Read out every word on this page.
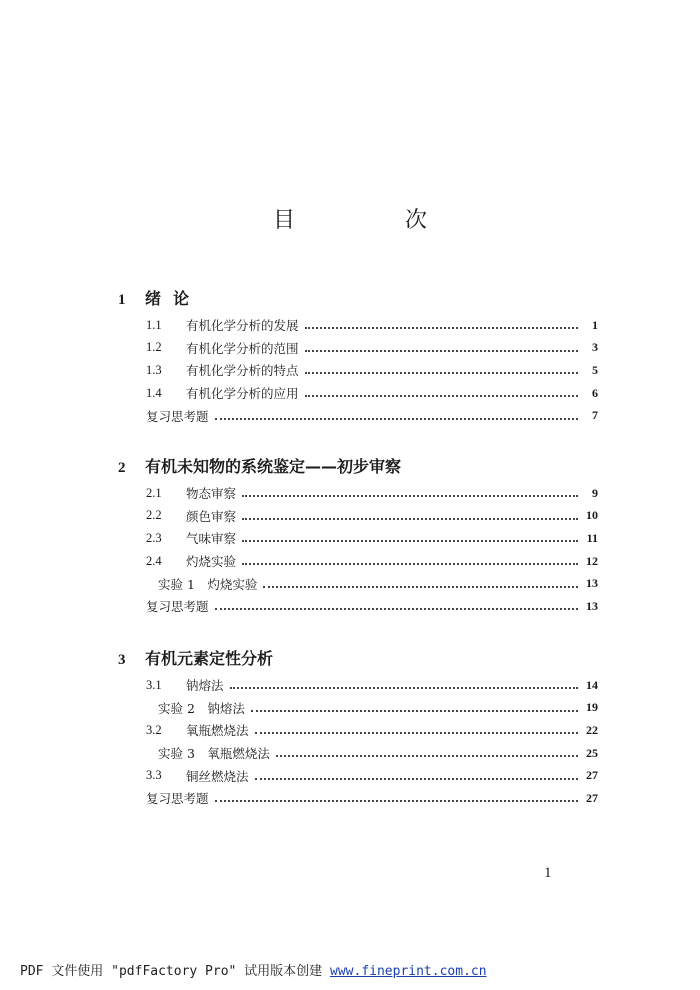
目　次
1	绪论
1.1	有机化学分析的发展	1
1.2	有机化学分析的范围	3
1.3	有机化学分析的特点	5
1.4	有机化学分析的应用	6
复习思考题	7
2	有机未知物的系统鉴定——初步审察
2.1	物态审察	9
2.2	颜色审察	10
2.3	气味审察	11
2.4	灼烧实验	12
实验 1　灼烧实验	13
复习思考题	13
3	有机元素定性分析
3.1	钠熔法	14
实验 2　钠熔法	19
3.2	氧瓶燃烧法	22
实验 3　氧瓶燃烧法	25
3.3	铜丝燃烧法	27
复习思考题	27
1
PDF 文件使用 "pdfFactory Pro" 试用版本创建 www.fineprint.com.cn
